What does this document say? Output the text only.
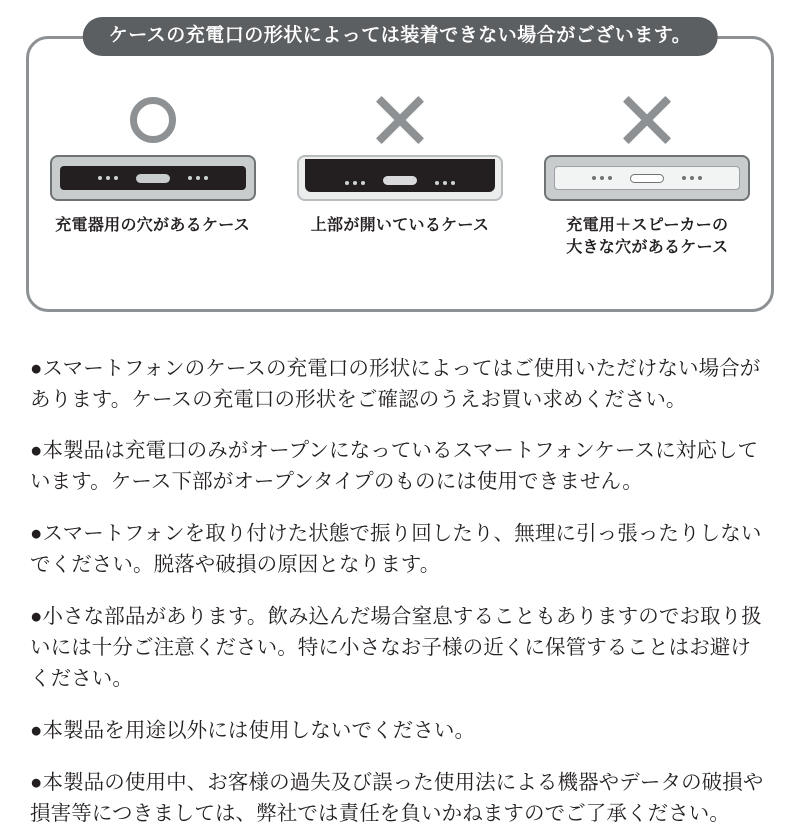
ケースの充電口の形状によっては装着できない場合がございます。
充電器用の穴があるケース	上部が開いているケース	充電用＋スピーカーの
大きな穴があるケース

●スマートフォンのケースの充電口の形状によってはご使用いただけない場合があります。ケースの充電口の形状をご確認のうえお買い求めください。

●本製品は充電口のみがオープンになっているスマートフォンケースに対応しています。ケース下部がオープンタイプのものには使用できません。

●スマートフォンを取り付けた状態で振り回したり、無理に引っ張ったりしないでください。脱落や破損の原因となります。

●小さな部品があります。飲み込んだ場合窒息することもありますのでお取り扱いには十分ご注意ください。特に小さなお子様の近くに保管することはお避けください。

●本製品を用途以外には使用しないでください。

●本製品の使用中、お客様の過失及び誤った使用法による機器やデータの破損や損害等につきましては、弊社では責任を負いかねますのでご了承ください。
